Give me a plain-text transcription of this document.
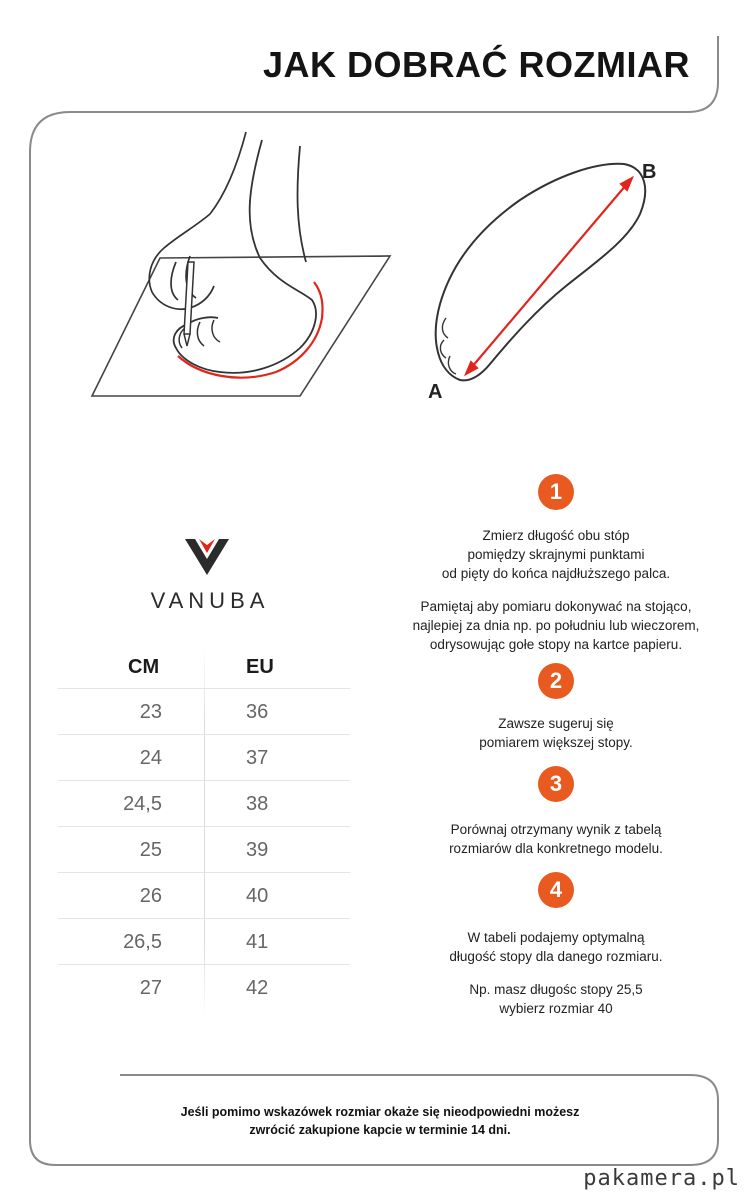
JAK DOBRAĆ ROZMIAR
A
B
VANUBA
CM	EU
23	36
24	37
24,5	38
25	39
26	40
26,5	41
27	42
1
Zmierz długość obu stóp
pomiędzy skrajnymi punktami
od pięty do końca najdłuższego palca.
Pamiętaj aby pomiaru dokonywać na stojąco,
najlepiej za dnia np. po południu lub wieczorem,
odrysowując gołe stopy na kartce papieru.
2
Zawsze sugeruj się
pomiarem większej stopy.
3
Porównaj otrzymany wynik z tabelą
rozmiarów dla konkretnego modelu.
4
W tabeli podajemy optymalną
długość stopy dla danego rozmiaru.
Np. masz długośc stopy 25,5
wybierz rozmiar 40
Jeśli pomimo wskazówek rozmiar okaże się nieodpowiedni możesz
zwrócić zakupione kapcie w terminie 14 dni.
pakamera.pl
